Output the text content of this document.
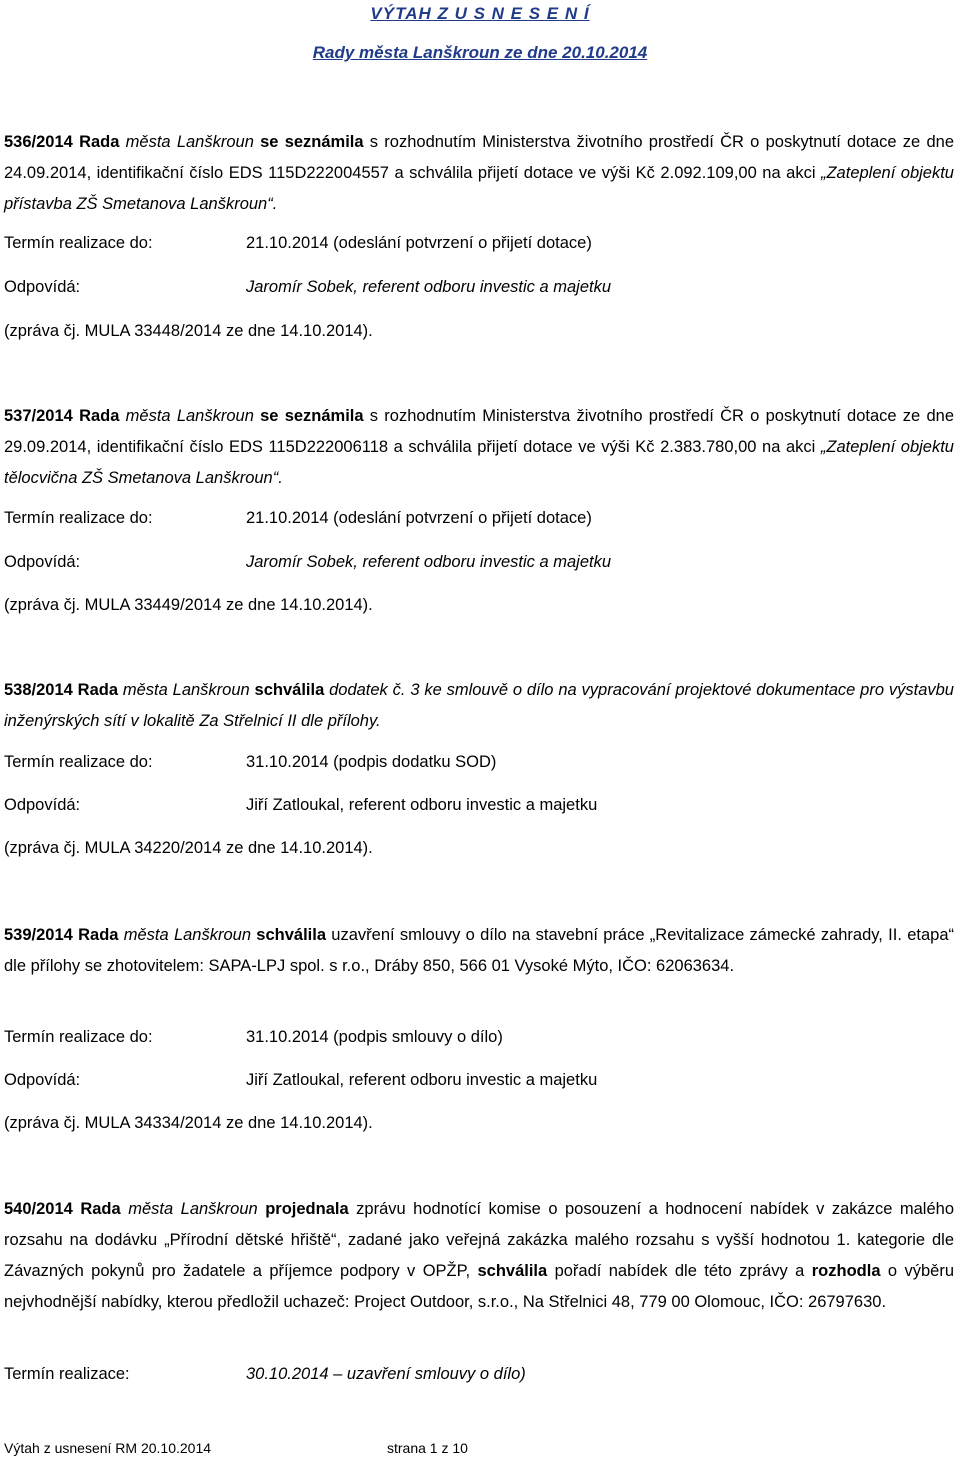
VÝTAH Z U S N E S E N Í
Rady města Lanškroun ze dne 20.10.2014

536/2014 Rada města Lanškroun se seznámila s rozhodnutím Ministerstva životního prostředí ČR o poskytnutí dotace ze dne 24.09.2014, identifikační číslo EDS 115D222004557 a schválila přijetí dotace ve výši Kč 2.092.109,00 na akci „Zateplení objektu přístavba ZŠ Smetanova Lanškroun“.

Termín realizace do:	21.10.2014 (odeslání potvrzení o přijetí dotace)
Odpovídá:	Jaromír Sobek, referent odboru investic a majetku
(zpráva čj. MULA 33448/2014 ze dne 14.10.2014).

537/2014 Rada města Lanškroun se seznámila s rozhodnutím Ministerstva životního prostředí ČR o poskytnutí dotace ze dne 29.09.2014, identifikační číslo EDS 115D222006118 a schválila přijetí dotace ve výši Kč 2.383.780,00 na akci „Zateplení objektu tělocvična ZŠ Smetanova Lanškroun“.

Termín realizace do:	21.10.2014 (odeslání potvrzení o přijetí dotace)
Odpovídá:	Jaromír Sobek, referent odboru investic a majetku
(zpráva čj. MULA 33449/2014 ze dne 14.10.2014).

538/2014 Rada města Lanškroun schválila dodatek č. 3 ke smlouvě o dílo na vypracování projektové dokumentace pro výstavbu inženýrských sítí v lokalitě Za Střelnicí II dle přílohy.

Termín realizace do:	31.10.2014 (podpis dodatku SOD)
Odpovídá:	Jiří Zatloukal, referent odboru investic a majetku
(zpráva čj. MULA 34220/2014 ze dne 14.10.2014).

539/2014 Rada města Lanškroun schválila uzavření smlouvy o dílo na stavební práce „Revitalizace zámecké zahrady, II. etapa“ dle přílohy se zhotovitelem: SAPA-LPJ spol. s r.o., Dráby 850, 566 01 Vysoké Mýto, IČO: 62063634.

Termín realizace do:	31.10.2014 (podpis smlouvy o dílo)
Odpovídá:	Jiří Zatloukal, referent odboru investic a majetku
(zpráva čj. MULA 34334/2014 ze dne 14.10.2014).

540/2014 Rada města Lanškroun projednala zprávu hodnotící komise o posouzení a hodnocení nabídek v zakázce malého rozsahu na dodávku „Přírodní dětské hřiště“, zadané jako veřejná zakázka malého rozsahu s vyšší hodnotou 1. kategorie dle Závazných pokynů pro žadatele a příjemce podpory v OPŽP, schválila pořadí nabídek dle této zprávy a rozhodla o výběru nejvhodnější nabídky, kterou předložil uchazeč: Project Outdoor, s.r.o., Na Střelnici 48, 779 00 Olomouc, IČO: 26797630.

Termín realizace:	30.10.2014 – uzavření smlouvy o dílo)
Výtah z usnesení RM 20.10.2014	strana 1 z 10
